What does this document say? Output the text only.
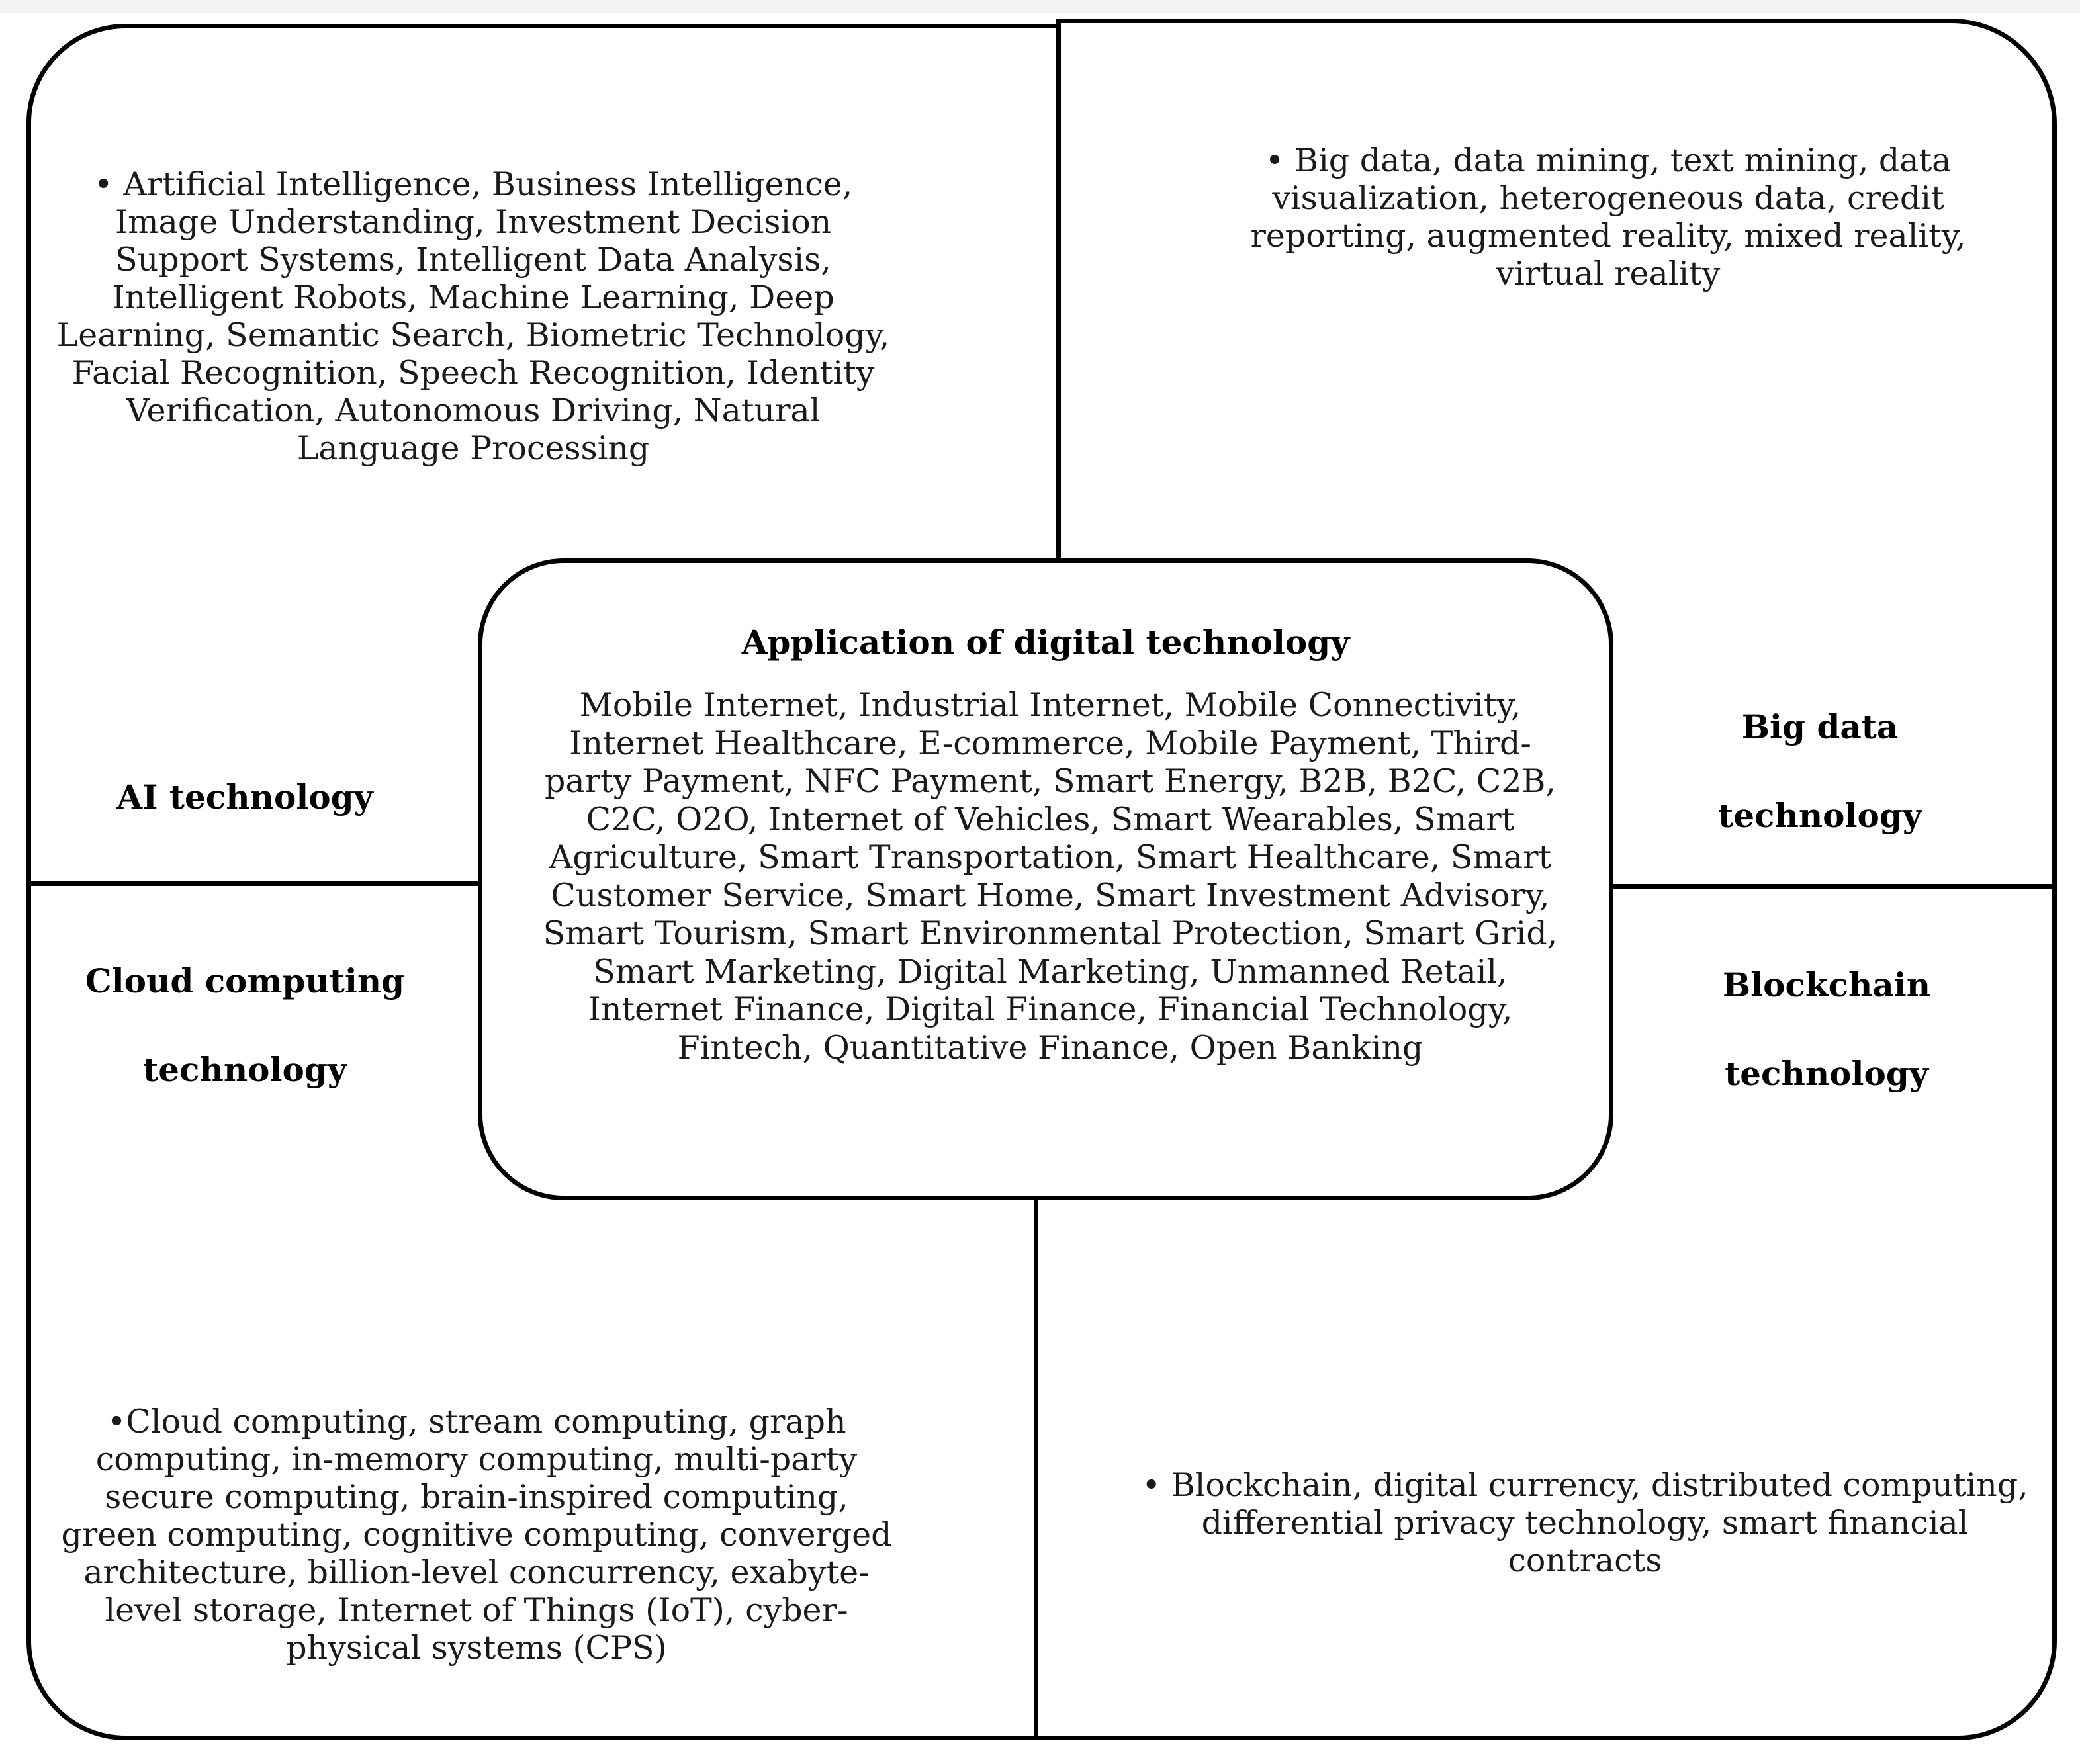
• Artificial Intelligence, Business Intelligence, Image Understanding, Investment Decision Support Systems, Intelligent Data Analysis, Intelligent Robots, Machine Learning, Deep Learning, Semantic Search, Biometric Technology, Facial Recognition, Speech Recognition, Identity Verification, Autonomous Driving, Natural Language Processing
• Big data, data mining, text mining, data visualization, heterogeneous data, credit reporting, augmented reality, mixed reality, virtual reality
•Cloud computing, stream computing, graph computing, in-memory computing, multi-party secure computing, brain-inspired computing, green computing, cognitive computing, converged architecture, billion-level concurrency, exabyte-level storage, Internet of Things (IoT), cyber-physical systems (CPS)
• Blockchain, digital currency, distributed computing, differential privacy technology, smart financial contracts
AI technology
Big data
technology
Cloud computing
technology
Blockchain
technology
Application of digital technology
Mobile Internet, Industrial Internet, Mobile Connectivity, Internet Healthcare, E-commerce, Mobile Payment, Third-party Payment, NFC Payment, Smart Energy, B2B, B2C, C2B, C2C, O2O, Internet of Vehicles, Smart Wearables, Smart Agriculture, Smart Transportation, Smart Healthcare, Smart Customer Service, Smart Home, Smart Investment Advisory, Smart Tourism, Smart Environmental Protection, Smart Grid, Smart Marketing, Digital Marketing, Unmanned Retail, Internet Finance, Digital Finance, Financial Technology, Fintech, Quantitative Finance, Open Banking
